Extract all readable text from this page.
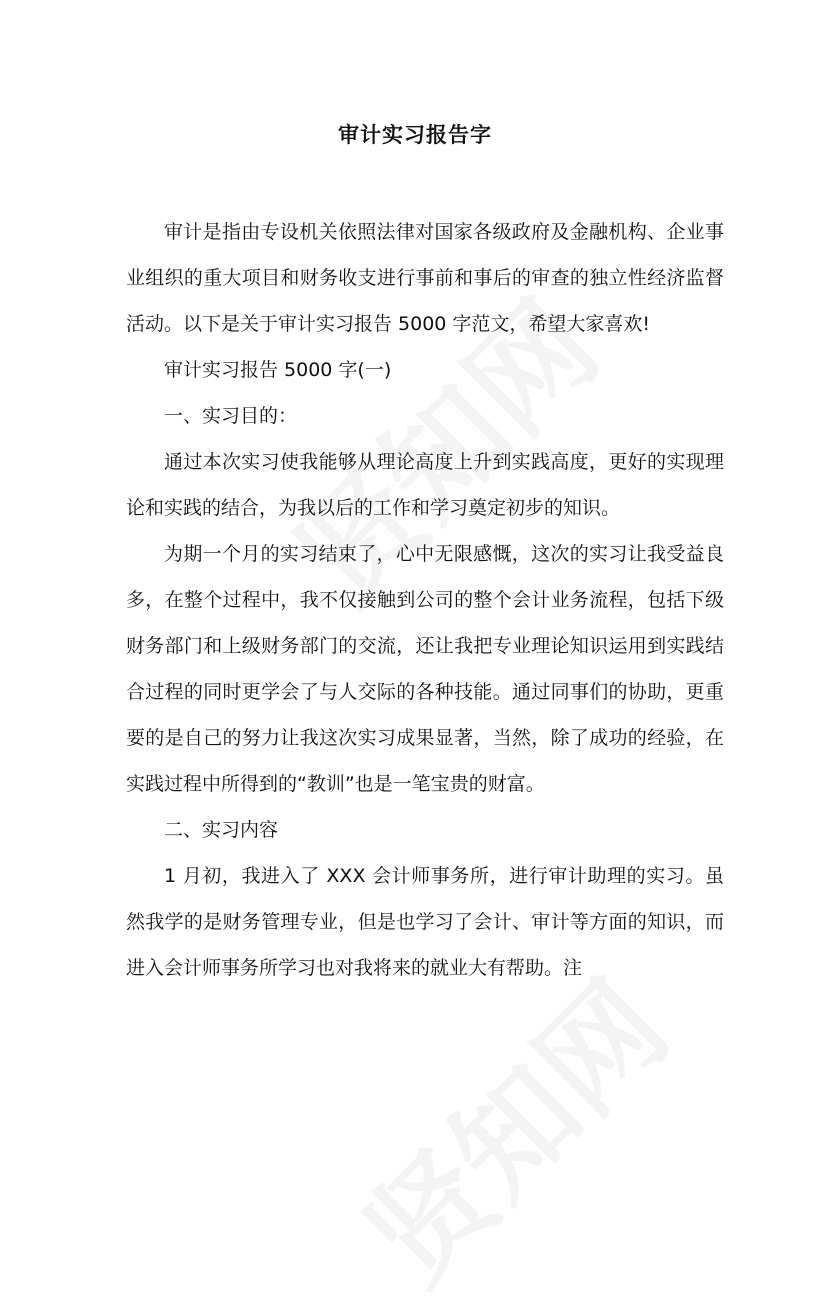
审计实习报告字

审计是指由专设机关依照法律对国家各级政府及金融机构、企业事业组织的重大项目和财务收支进行事前和事后的审查的独立性经济监督活动。以下是关于审计实习报告 5000 字范文，希望大家喜欢!

审计实习报告 5000 字(一)

一、实习目的：

通过本次实习使我能够从理论高度上升到实践高度，更好的实现理论和实践的结合，为我以后的工作和学习奠定初步的知识。

为期一个月的实习结束了，心中无限感慨，这次的实习让我受益良多，在整个过程中，我不仅接触到公司的整个会计业务流程，包括下级财务部门和上级财务部门的交流，还让我把专业理论知识运用到实践结合过程的同时更学会了与人交际的各种技能。通过同事们的协助，更重要的是自己的努力让我这次实习成果显著，当然，除了成功的经验，在实践过程中所得到的“教训”也是一笔宝贵的财富。

二、实习内容

1 月初，我进入了 XXX 会计师事务所，进行审计助理的实习。虽然我学的是财务管理专业，但是也学习了会计、审计等方面的知识，而进入会计师事务所学习也对我将来的就业大有帮助。注
